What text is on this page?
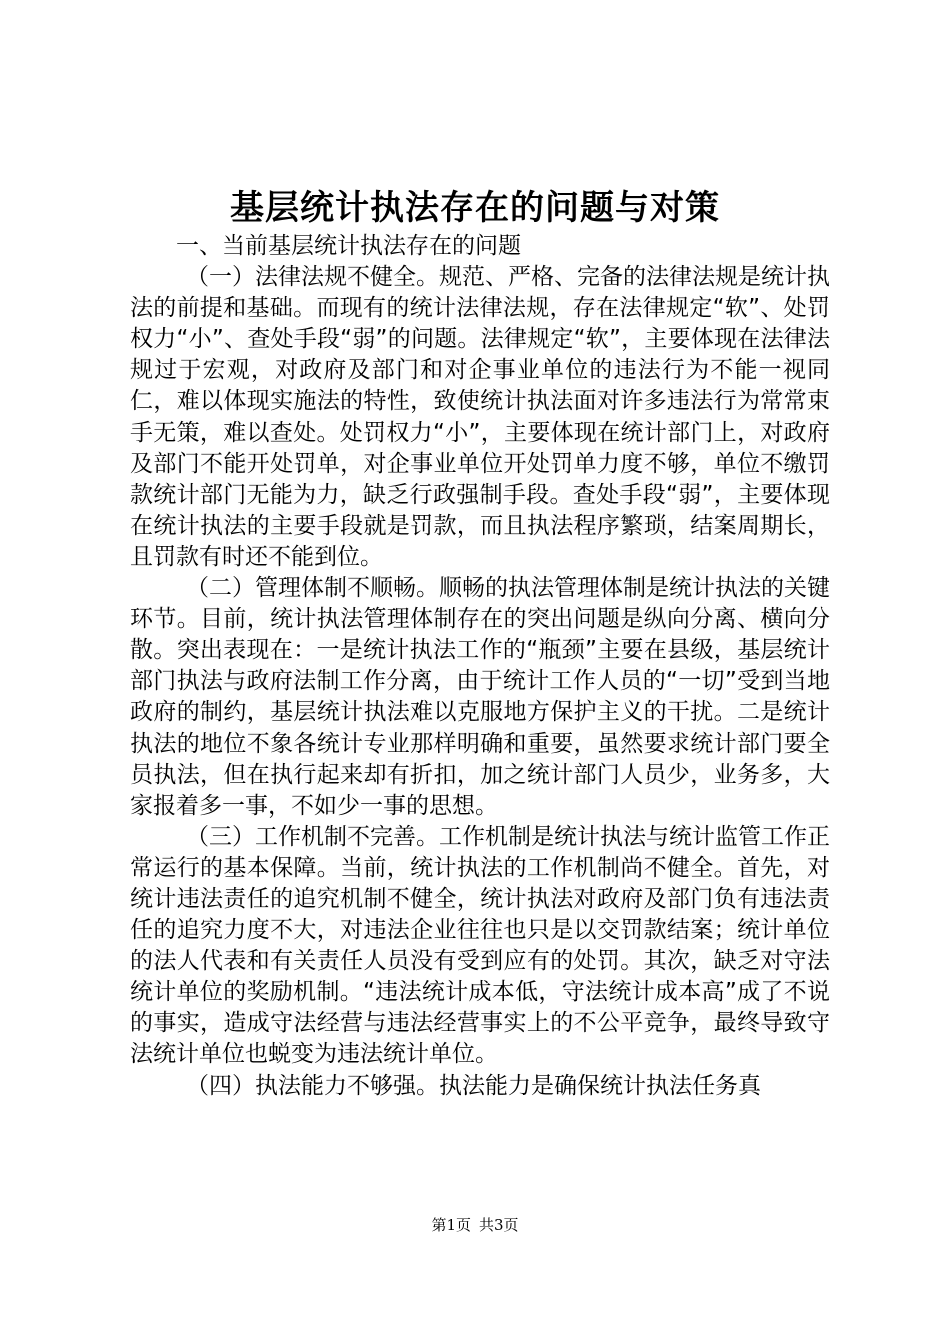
基层统计执法存在的问题与对策

一、当前基层统计执法存在的问题

（一）法律法规不健全。规范、严格、完备的法律法规是统计执法的前提和基础。而现有的统计法律法规，存在法律规定“软”、处罚权力“小”、查处手段“弱”的问题。法律规定“软”，主要体现在法律法规过于宏观，对政府及部门和对企事业单位的违法行为不能一视同仁，难以体现实施法的特性，致使统计执法面对许多违法行为常常束手无策，难以查处。处罚权力“小”，主要体现在统计部门上，对政府及部门不能开处罚单，对企事业单位开处罚单力度不够，单位不缴罚款统计部门无能为力，缺乏行政强制手段。查处手段“弱”，主要体现在统计执法的主要手段就是罚款，而且执法程序繁琐，结案周期长，且罚款有时还不能到位。

（二）管理体制不顺畅。顺畅的执法管理体制是统计执法的关键环节。目前，统计执法管理体制存在的突出问题是纵向分离、横向分散。突出表现在：一是统计执法工作的“瓶颈”主要在县级，基层统计部门执法与政府法制工作分离，由于统计工作人员的“一切”受到当地政府的制约，基层统计执法难以克服地方保护主义的干扰。二是统计执法的地位不象各统计专业那样明确和重要，虽然要求统计部门要全员执法，但在执行起来却有折扣，加之统计部门人员少，业务多，大家报着多一事，不如少一事的思想。

（三）工作机制不完善。工作机制是统计执法与统计监管工作正常运行的基本保障。当前，统计执法的工作机制尚不健全。首先，对统计违法责任的追究机制不健全，统计执法对政府及部门负有违法责任的追究力度不大，对违法企业往往也只是以交罚款结案；统计单位的法人代表和有关责任人员没有受到应有的处罚。其次，缺乏对守法统计单位的奖励机制。“违法统计成本低，守法统计成本高”成了不说的事实，造成守法经营与违法经营事实上的不公平竞争，最终导致守法统计单位也蜕变为违法统计单位。

（四）执法能力不够强。执法能力是确保统计执法任务真

第1页 共3页
